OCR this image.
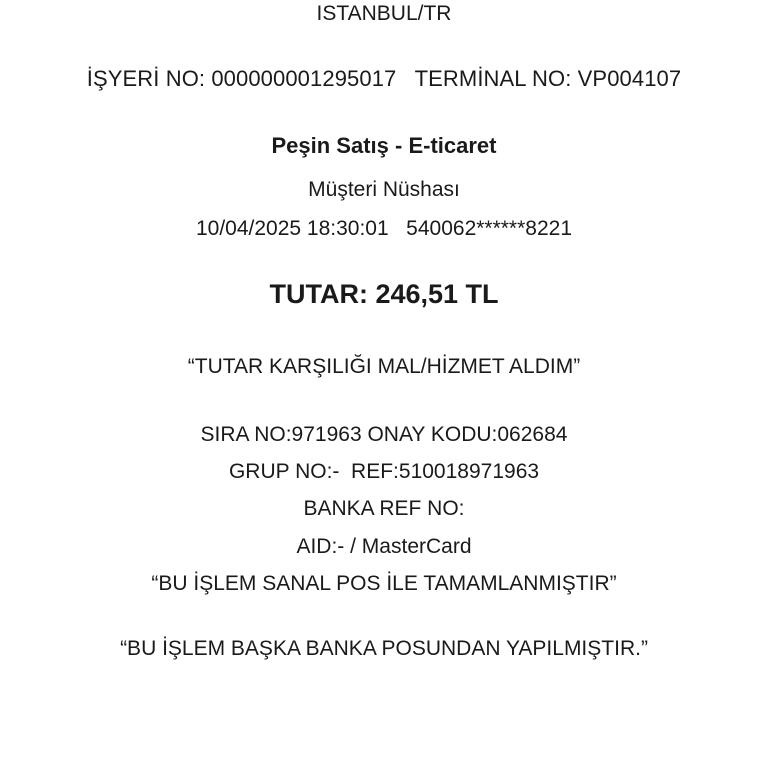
ISTANBUL/TR
İŞYERİ NO: 000000001295017   TERMİNAL NO: VP004107
Peşin Satış - E-ticaret
Müşteri Nüshası
10/04/2025 18:30:01   540062******8221
TUTAR: 246,51 TL
“TUTAR KARŞILIĞI MAL/HİZMET ALDIM”
SIRA NO:971963 ONAY KODU:062684
GRUP NO:-  REF:510018971963
BANKA REF NO:
AID:- / MasterCard
“BU İŞLEM SANAL POS İLE TAMAMLANMIŞTIR”
“BU İŞLEM BAŞKA BANKA POSUNDAN YAPILMIŞTIR.”
